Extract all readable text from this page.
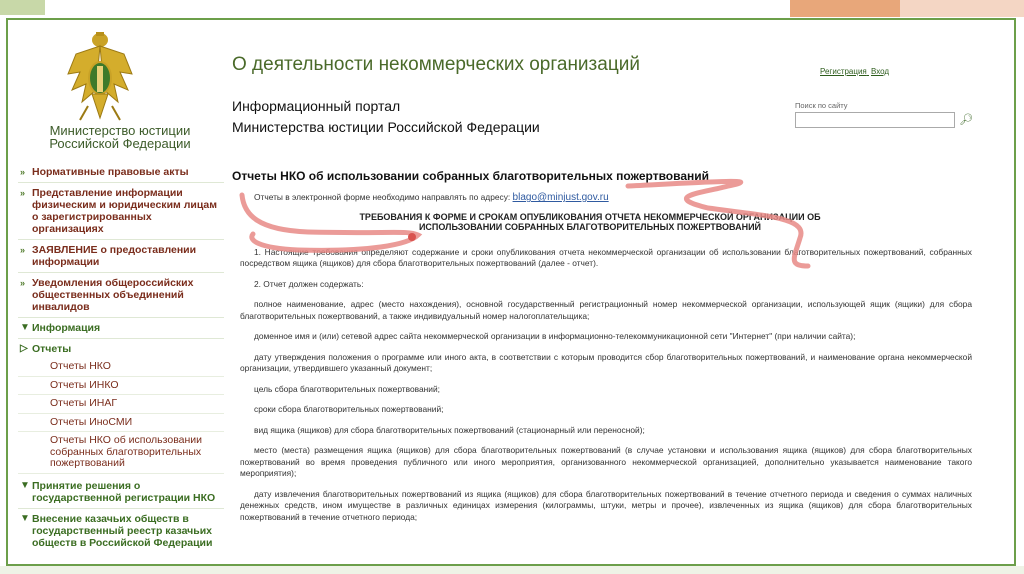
Министерство юстиции
Российской Федерации
О деятельности некоммерческих организаций
Информационный портал
Министерства юстиции Российской Федерации
Регистрация Вход
Поиск по сайту
🔎︎
» Нормативные правовые акты
» Представление информации физическим и юридическим лицам о зарегистрированных организациях
» ЗАЯВЛЕНИЕ о предоставлении информации
» Уведомления общероссийских общественных объединений инвалидов
▼ Информация
▷ Отчеты
Отчеты НКО
Отчеты ИНКО
Отчеты ИНАГ
Отчеты ИноСМИ
Отчеты НКО об использовании собранных благотворительных пожертвований
▼ Принятие решения о государственной регистрации НКО
▼ Внесение казачьих обществ в государственный реестр казачьих обществ в Российской Федерации
Отчеты НКО об использовании собранных благотворительных пожертвований
Отчеты в электронной форме необходимо направлять по адресу: blago@minjust.gov.ru
ТРЕБОВАНИЯ К ФОРМЕ И СРОКАМ ОПУБЛИКОВАНИЯ ОТЧЕТА НЕКОММЕРЧЕСКОЙ ОРГАНИЗАЦИИ ОБ ИСПОЛЬЗОВАНИИ СОБРАННЫХ БЛАГОТВОРИТЕЛЬНЫХ ПОЖЕРТВОВАНИЙ
1. Настоящие требования определяют содержание и сроки опубликования отчета некоммерческой организации об использовании благотворительных пожертвований, собранных посредством ящика (ящиков) для сбора благотворительных пожертвований (далее - отчет).
2. Отчет должен содержать:
полное наименование, адрес (место нахождения), основной государственный регистрационный номер некоммерческой организации, использующей ящик (ящики) для сбора благотворительных пожертвований, а также индивидуальный номер налогоплательщика;
доменное имя и (или) сетевой адрес сайта некоммерческой организации в информационно-телекоммуникационной сети "Интернет" (при наличии сайта);
дату утверждения положения о программе или иного акта, в соответствии с которым проводится сбор благотворительных пожертвований, и наименование органа некоммерческой организации, утвердившего указанный документ;
цель сбора благотворительных пожертвований;
сроки сбора благотворительных пожертвований;
вид ящика (ящиков) для сбора благотворительных пожертвований (стационарный или переносной);
место (места) размещения ящика (ящиков) для сбора благотворительных пожертвований (в случае установки и использования ящика (ящиков) для сбора благотворительных пожертвований во время проведения публичного или иного мероприятия, организованного некоммерческой организацией, дополнительно указывается наименование такого мероприятия);
дату извлечения благотворительных пожертвований из ящика (ящиков) для сбора благотворительных пожертвований в течение отчетного периода и сведения о суммах наличных денежных средств, ином имуществе в различных единицах измерения (килограммы, штуки, метры и прочее), извлеченных из ящика (ящиков) для сбора благотворительных пожертвований в течение отчетного периода;
